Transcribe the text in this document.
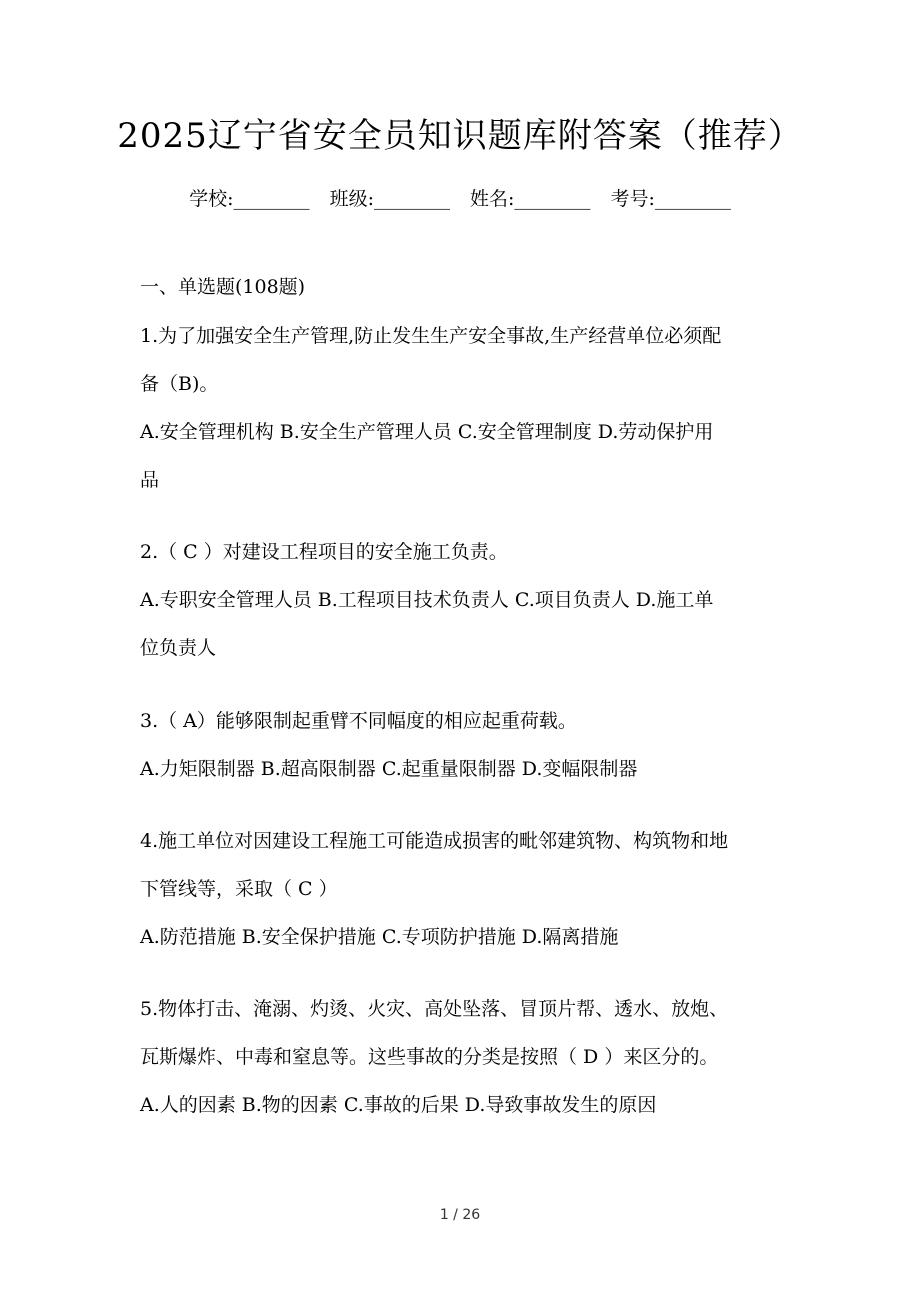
2025辽宁省安全员知识题库附答案（推荐）
学校:________ 班级:________ 姓名:________ 考号:________
一、单选题(108题)

1.为了加强安全生产管理,防止发生生产安全事故,生产经营单位必须配

备（B)。

A.安全管理机构 B.安全生产管理人员 C.安全管理制度 D.劳动保护用

品

2.（ C ）对建设工程项目的安全施工负责。

A.专职安全管理人员 B.工程项目技术负责人 C.项目负责人 D.施工单

位负责人

3.（ A）能够限制起重臂不同幅度的相应起重荷载。

A.力矩限制器 B.超高限制器 C.起重量限制器 D.变幅限制器

4.施工单位对因建设工程施工可能造成损害的毗邻建筑物、构筑物和地

下管线等，采取（ C ）

A.防范措施 B.安全保护措施 C.专项防护措施 D.隔离措施

5.物体打击、淹溺、灼烫、火灾、高处坠落、冒顶片帮、透水、放炮、

瓦斯爆炸、中毒和窒息等。这些事故的分类是按照（ D ）来区分的。

A.人的因素 B.物的因素 C.事故的后果 D.导致事故发生的原因

1 / 26
